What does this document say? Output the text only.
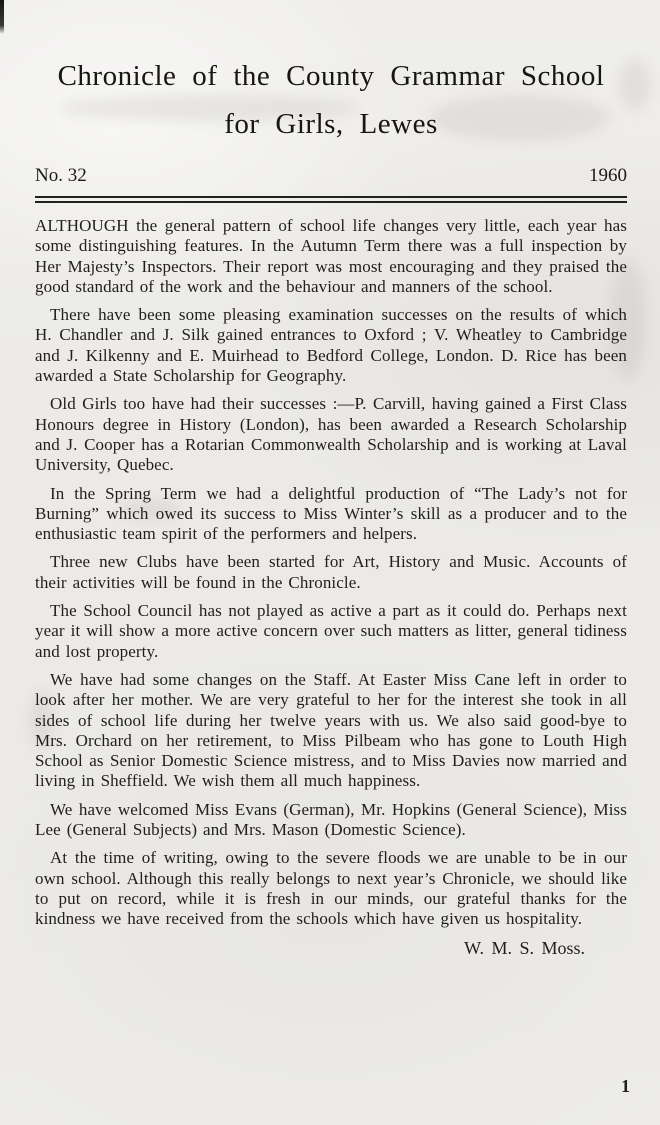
Chronicle of the County Grammar School
for Girls, Lewes
No. 32	1960

ALTHOUGH the general pattern of school life changes very little, each year has some distinguishing features. In the Autumn Term there was a full inspection by Her Majesty’s Inspectors. Their report was most encouraging and they praised the good standard of the work and the behaviour and manners of the school.

There have been some pleasing examination successes on the results of which H. Chandler and J. Silk gained entrances to Oxford ; V. Wheatley to Cambridge and J. Kilkenny and E. Muirhead to Bedford College, London. D. Rice has been awarded a State Scholarship for Geography.

Old Girls too have had their successes :—P. Carvill, having gained a First Class Honours degree in History (London), has been awarded a Research Scholarship and J. Cooper has a Rotarian Commonwealth Scholarship and is working at Laval University, Quebec.

In the Spring Term we had a delightful production of “The Lady’s not for Burning” which owed its success to Miss Winter’s skill as a producer and to the enthusiastic team spirit of the performers and helpers.

Three new Clubs have been started for Art, History and Music. Accounts of their activities will be found in the Chronicle.

The School Council has not played as active a part as it could do. Perhaps next year it will show a more active concern over such matters as litter, general tidiness and lost property.

We have had some changes on the Staff. At Easter Miss Cane left in order to look after her mother. We are very grateful to her for the interest she took in all sides of school life during her twelve years with us. We also said good-bye to Mrs. Orchard on her retirement, to Miss Pilbeam who has gone to Louth High School as Senior Domestic Science mistress, and to Miss Davies now married and living in Sheffield. We wish them all much happiness.

We have welcomed Miss Evans (German), Mr. Hopkins (General Science), Miss Lee (General Subjects) and Mrs. Mason (Domestic Science).

At the time of writing, owing to the severe floods we are unable to be in our own school. Although this really belongs to next year’s Chronicle, we should like to put on record, while it is fresh in our minds, our grateful thanks for the kindness we have received from the schools which have given us hospitality.

W. M. S. Moss.
1
